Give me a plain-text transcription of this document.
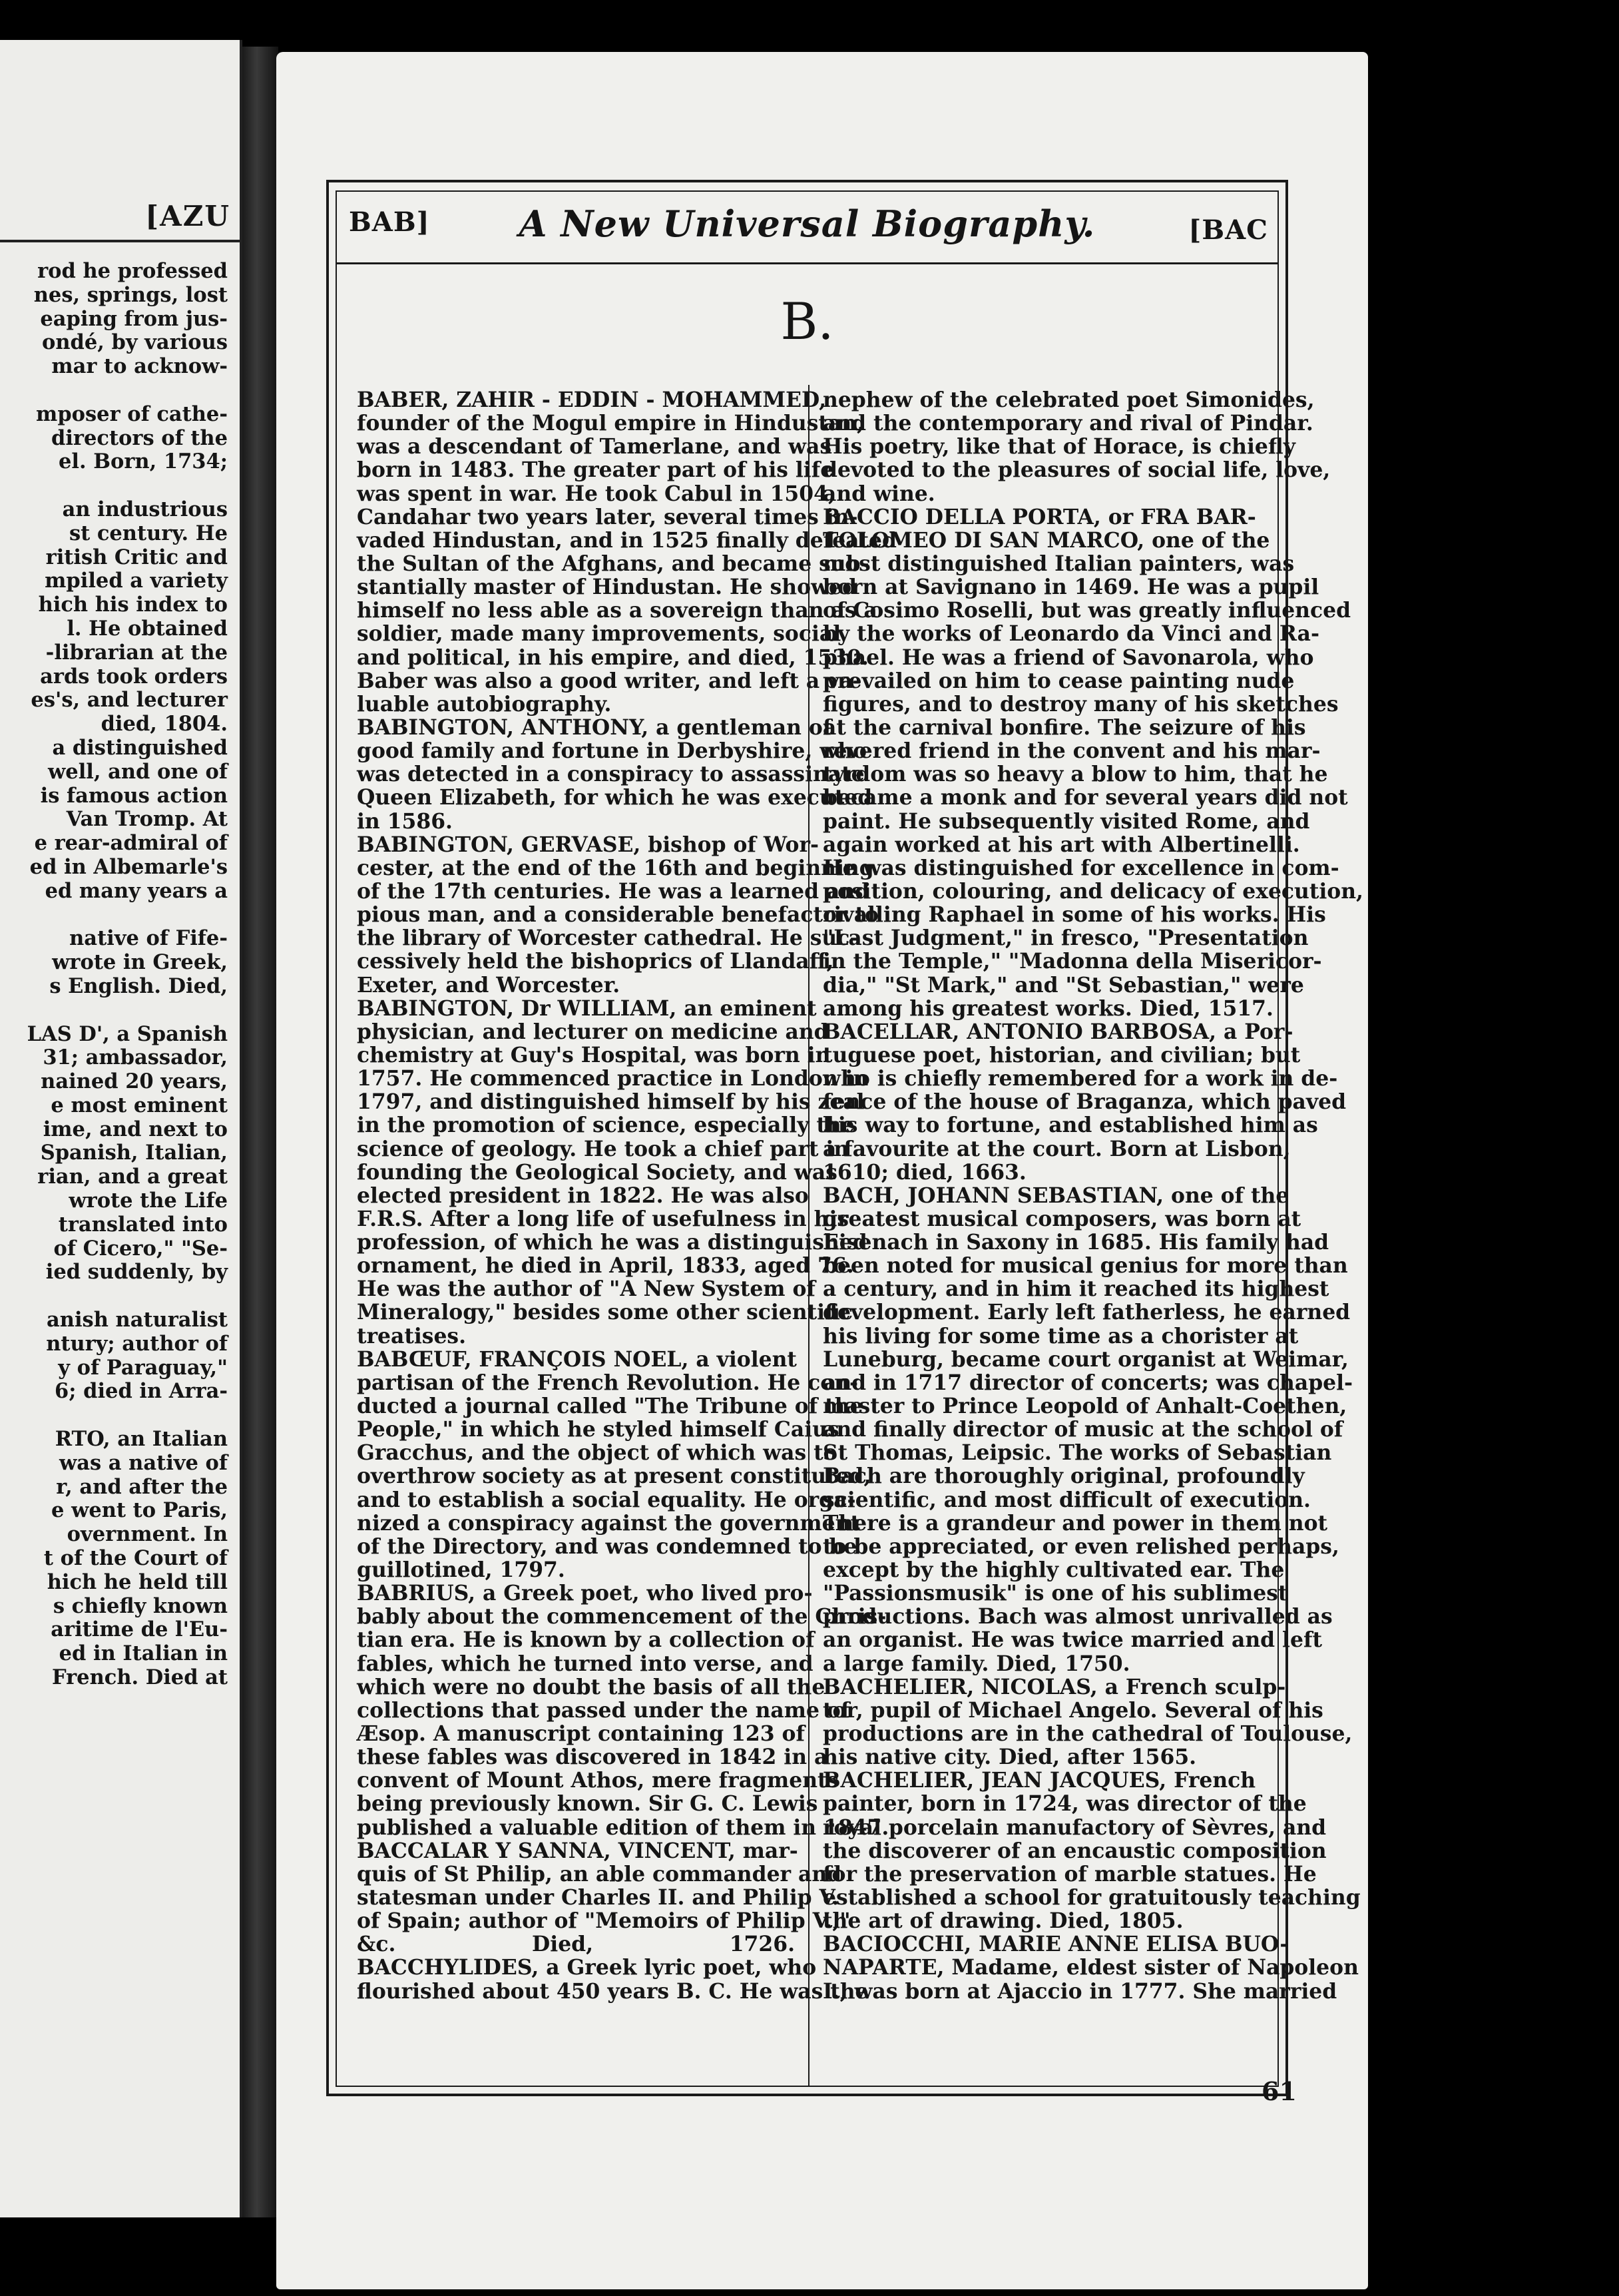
[AZU
rod he professed
nes, springs, lost
eaping from jus-
ondé, by various
mar to acknow-
mposer of cathe-
directors of the
el. Born, 1734;
an industrious
st century. He
ritish Critic and
mpiled a variety
hich his index to
l. He obtained
-librarian at the
ards took orders
es's, and lecturer
died, 1804.
a distinguished
well, and one of
is famous action
Van Tromp. At
e rear-admiral of
ed in Albemarle's
ed many years a
native of Fife-
wrote in Greek,
s English. Died,
LAS D', a Spanish
31; ambassador,
nained 20 years,
e most eminent
ime, and next to
Spanish, Italian,
rian, and a great
wrote the Life
translated into
of Cicero," "Se-
ied suddenly, by
anish naturalist
ntury; author of
y of Paraguay,"
6; died in Arra-
RTO, an Italian
was a native of
r, and after the
e went to Paris,
overnment. In
t of the Court of
hich he held till
s chiefly known
aritime de l'Eu-
ed in Italian in
French. Died at
BAB]	A New Universal Biography.	[BAC
B.
BABER, ZAHIR - EDDIN - MOHAMMED,
founder of the Mogul empire in Hindustan,
was a descendant of Tamerlane, and was
born in 1483. The greater part of his life
was spent in war. He took Cabul in 1504,
Candahar two years later, several times in-
vaded Hindustan, and in 1525 finally defeated
the Sultan of the Afghans, and became sub-
stantially master of Hindustan. He showed
himself no less able as a sovereign than as a
soldier, made many improvements, social
and political, in his empire, and died, 1530.
Baber was also a good writer, and left a va-
luable autobiography.
BABINGTON, ANTHONY, a gentleman of
good family and fortune in Derbyshire, who
was detected in a conspiracy to assassinate
Queen Elizabeth, for which he was executed
in 1586.
BABINGTON, GERVASE, bishop of Wor-
cester, at the end of the 16th and beginning
of the 17th centuries. He was a learned and
pious man, and a considerable benefactor to
the library of Worcester cathedral. He suc-
cessively held the bishoprics of Llandaff,
Exeter, and Worcester.
BABINGTON, Dr WILLIAM, an eminent
physician, and lecturer on medicine and
chemistry at Guy's Hospital, was born in
1757. He commenced practice in London in
1797, and distinguished himself by his zeal
in the promotion of science, especially the
science of geology. He took a chief part in
founding the Geological Society, and was
elected president in 1822. He was also
F.R.S. After a long life of usefulness in his
profession, of which he was a distinguished
ornament, he died in April, 1833, aged 76.
He was the author of "A New System of
Mineralogy," besides some other scientific
treatises.
BABŒUF, FRANÇOIS NOEL, a violent
partisan of the French Revolution. He con-
ducted a journal called "The Tribune of the
People," in which he styled himself Caius
Gracchus, and the object of which was to
overthrow society as at present constituted,
and to establish a social equality. He orga-
nized a conspiracy against the government
of the Directory, and was condemned to be
guillotined, 1797.
BABRIUS, a Greek poet, who lived pro-
bably about the commencement of the Chris-
tian era. He is known by a collection of
fables, which he turned into verse, and
which were no doubt the basis of all the
collections that passed under the name of
Æsop. A manuscript containing 123 of
these fables was discovered in 1842 in a
convent of Mount Athos, mere fragments
being previously known. Sir G. C. Lewis
published a valuable edition of them in 1847.
BACCALAR Y SANNA, VINCENT, mar-
quis of St Philip, an able commander and
statesman under Charles II. and Philip V.
of Spain; author of "Memoirs of Philip V.,"
&c. Died, 1726.
BACCHYLIDES, a Greek lyric poet, who
flourished about 450 years B. C. He was the
nephew of the celebrated poet Simonides,
and the contemporary and rival of Pindar.
His poetry, like that of Horace, is chiefly
devoted to the pleasures of social life, love,
and wine.
BACCIO DELLA PORTA, or FRA BAR-
TOLOMEO DI SAN MARCO, one of the
most distinguished Italian painters, was
born at Savignano in 1469. He was a pupil
of Cosimo Roselli, but was greatly influenced
by the works of Leonardo da Vinci and Ra-
phael. He was a friend of Savonarola, who
prevailed on him to cease painting nude
figures, and to destroy many of his sketches
at the carnival bonfire. The seizure of his
revered friend in the convent and his mar-
tyrdom was so heavy a blow to him, that he
became a monk and for several years did not
paint. He subsequently visited Rome, and
again worked at his art with Albertinelli.
He was distinguished for excellence in com-
position, colouring, and delicacy of execution,
rivalling Raphael in some of his works. His
"Last Judgment," in fresco, "Presentation
in the Temple," "Madonna della Misericor-
dia," "St Mark," and "St Sebastian," were
among his greatest works. Died, 1517.
BACELLAR, ANTONIO BARBOSA, a Por-
tuguese poet, historian, and civilian; but
who is chiefly remembered for a work in de-
fence of the house of Braganza, which paved
his way to fortune, and established him as
a favourite at the court. Born at Lisbon,
1610; died, 1663.
BACH, JOHANN SEBASTIAN, one of the
greatest musical composers, was born at
Eisenach in Saxony in 1685. His family had
been noted for musical genius for more than
a century, and in him it reached its highest
development. Early left fatherless, he earned
his living for some time as a chorister at
Luneburg, became court organist at Weimar,
and in 1717 director of concerts; was chapel-
master to Prince Leopold of Anhalt-Coethen,
and finally director of music at the school of
St Thomas, Leipsic. The works of Sebastian
Bach are thoroughly original, profoundly
scientific, and most difficult of execution.
There is a grandeur and power in them not
to be appreciated, or even relished perhaps,
except by the highly cultivated ear. The
"Passionsmusik" is one of his sublimest
productions. Bach was almost unrivalled as
an organist. He was twice married and left
a large family. Died, 1750.
BACHELIER, NICOLAS, a French sculp-
tor, pupil of Michael Angelo. Several of his
productions are in the cathedral of Toulouse,
his native city. Died, after 1565.
BACHELIER, JEAN JACQUES, French
painter, born in 1724, was director of the
royal porcelain manufactory of Sèvres, and
the discoverer of an encaustic composition
for the preservation of marble statues. He
established a school for gratuitously teaching
the art of drawing. Died, 1805.
BACIOCCHI, MARIE ANNE ELISA BUO-
NAPARTE, Madame, eldest sister of Napoleon
I., was born at Ajaccio in 1777. She married
61
